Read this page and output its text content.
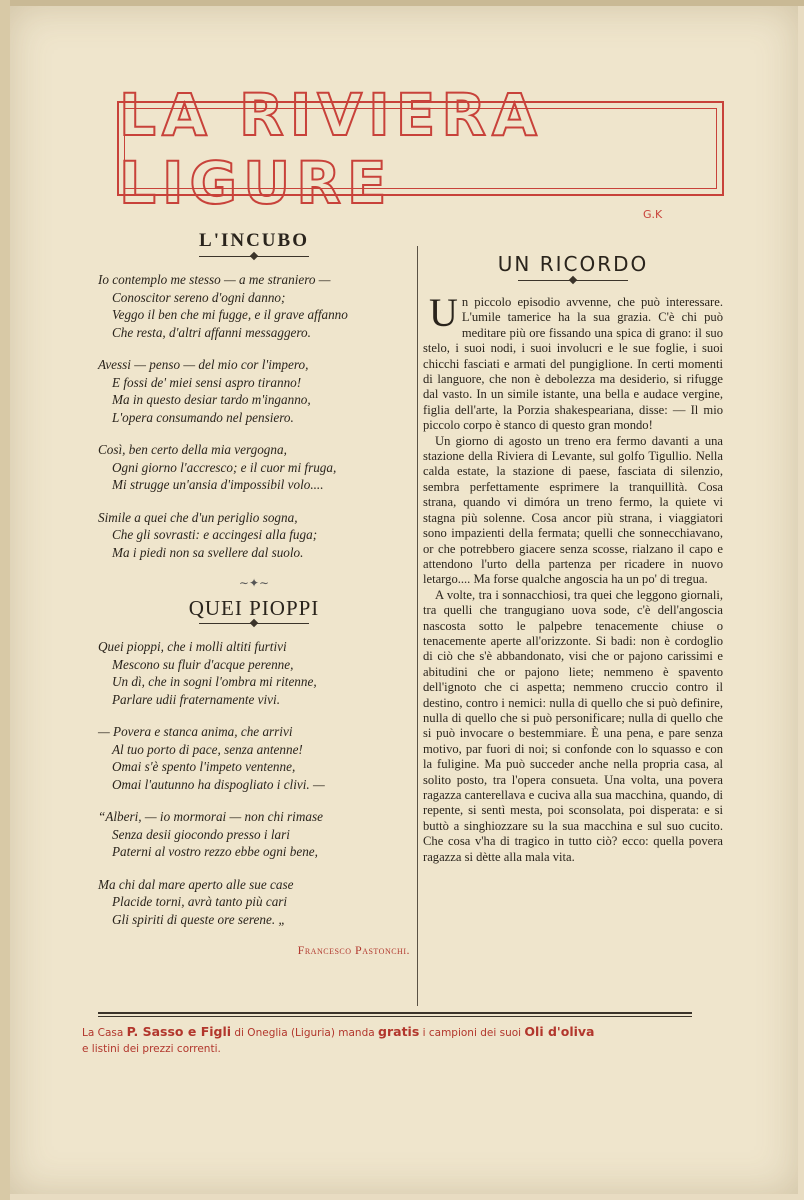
LA RIVIERA LIGURE	G.K
L'INCUBO
Io contemplo me stesso — a me straniero —
Conoscitor sereno d'ogni danno;
Veggo il ben che mi fugge, e il grave affanno
Che resta, d'altri affanni messaggero.
Avessi — penso — del mio cor l'impero,
E fossi de' miei sensi aspro tiranno!
Ma in questo desiar tardo m'inganno,
L'opera consumando nel pensiero.
Così, ben certo della mia vergogna,
Ogni giorno l'accresco; e il cuor mi fruga,
Mi strugge un'ansia d'impossibil volo....
Simile a quei che d'un periglio sogna,
Che gli sovrasti: e accingesi alla fuga;
Ma i piedi non sa svellere dal suolo.
∼✦∼
QUEI PIOPPI
Quei pioppi, che i molli altiti furtivi
Mescono su fluir d'acque perenne,
Un dì, che in sogni l'ombra mi ritenne,
Parlare udii fraternamente vivi.
— Povera e stanca anima, che arrivi
Al tuo porto di pace, senza antenne!
Omai s'è spento l'impeto ventenne,
Omai l'autunno ha dispogliato i clivi. —
“Alberi, — io mormorai — non chi rimase
Senza desii giocondo presso i lari
Paterni al vostro rezzo ebbe ogni bene,
Ma chi dal mare aperto alle sue case
Placide torni, avrà tanto più cari
Gli spiriti di queste ore serene. „
Francesco Pastonchi.
UN RICORDO

Un piccolo episodio avvenne, che può interessare. L'umile tamerice ha la sua grazia. C'è chi può meditare più ore fissando una spica di grano: il suo stelo, i suoi nodi, i suoi involucri e le sue foglie, i suoi chicchi fasciati e armati del pungiglione. In certi momenti di languore, che non è debolezza ma desiderio, si rifugge dal vasto. In un simile istante, una bella e audace vergine, figlia dell'arte, la Porzia shakespeariana, disse: — Il mio piccolo corpo è stanco di questo gran mondo!

Un giorno di agosto un treno era fermo davanti a una stazione della Riviera di Levante, sul golfo Tigullio. Nella calda estate, la stazione di paese, fasciata di silenzio, sembra perfettamente esprimere la tranquillità. Cosa strana, quando vi dimóra un treno fermo, la quiete vi stagna più solenne. Cosa ancor più strana, i viaggiatori sono impazienti della fermata; quelli che sonnecchiavano, or che potrebbero giacere senza scosse, rialzano il capo e attendono l'urto della partenza per ricadere in nuovo letargo.... Ma forse qualche angoscia ha un po' di tregua.

A volte, tra i sonnacchiosi, tra quei che leggono giornali, tra quelli che trangugiano uova sode, c'è dell'angoscia nascosta sotto le palpebre tenacemente chiuse o tenacemente aperte all'orizzonte. Si badi: non è cordoglio di ciò che s'è abbandonato, visi che or pajono carissimi e abitudini che or pajono liete; nemmeno è spavento dell'ignoto che ci aspetta; nemmeno cruccio contro il destino, contro i nemici: nulla di quello che si può definire, nulla di quello che si può personificare; nulla di quello che si può invocare o bestemmiare. È una pena, e pare senza motivo, par fuori di noi; si confonde con lo squasso e con la fuligine. Ma può succeder anche nella propria casa, al solito posto, tra l'opera consueta. Una volta, una povera ragazza canterellava e cuciva alla sua macchina, quando, di repente, si sentì mesta, poi sconsolata, poi disperata: e si buttò a singhiozzare su la sua macchina e sul suo cucito. Che cosa v'ha di tragico in tutto ciò? ecco: quella povera ragazza si dètte alla mala vita.

La Casa P. Sasso e Figli di Oneglia (Liguria) manda gratis i campioni dei suoi Oli d'oliva
e listini dei prezzi correnti.
